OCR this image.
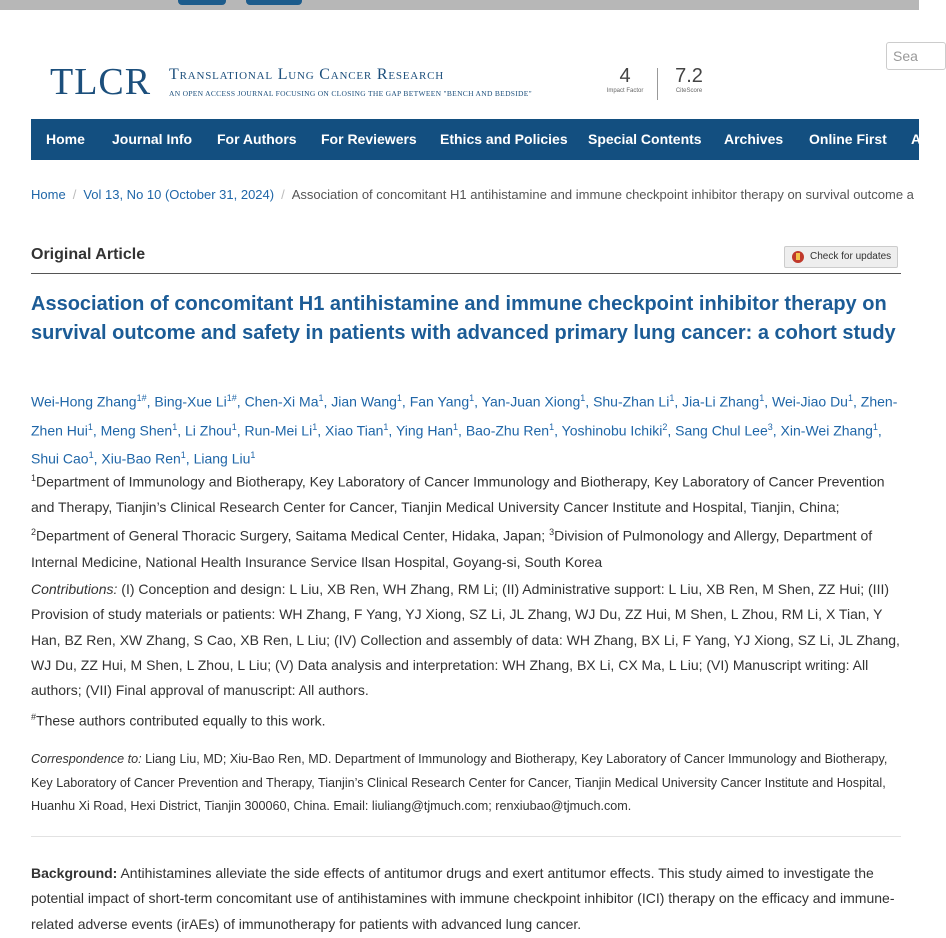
Sea
TLCR Translational Lung Cancer Research
AN OPEN ACCESS JOURNAL FOCUSING ON CLOSING THE GAP BETWEEN "BENCH AND BEDSIDE"
4
Impact Factor
7.2
CiteScore
Home Journal Info For Authors For Reviewers Ethics and Policies Special Contents Archives Online First A
Home / Vol 13, No 10 (October 31, 2024) / Association of concomitant H1 antihistamine and immune checkpoint inhibitor therapy on survival outcome a
Original Article	Check for updates
Association of concomitant H1 antihistamine and immune checkpoint inhibitor therapy on survival outcome and safety in patients with advanced primary lung cancer: a cohort study
Wei-Hong Zhang$^{1\#}$, Bing-Xue $Li^{1\#}$, Chen-Xi Ma$^1$, Jian Wang$^1$, Fan Yang$^1$, Yan-Juan Xiong$^1$, Shu-Zhan Li$^1$, Jia-Li Zhang$^1$, Wei-Jiao Du$^1$, Zhen-Zhen Hui$^1$, Meng Shen$^1$, Li Zhou$^1$, Run-Mei Li$^1$, Xiao Tian$^1$, Ying Han$^1$, Bao-Zhu Ren$^1$, Yoshinobu Ichiki$^2$, Sang Chul Lee$^3$, Xin-Wei Zhang$^1$, Shui Cao$^1$, Xiu-Bao Ren$^1$, Liang Liu$^1$
$^1$Department of Immunology and Biotherapy, Key Laboratory of Cancer Immunology and Biotherapy, Key Laboratory of Cancer Prevention and Therapy, Tianjin’s Clinical Research Center for Cancer, Tianjin Medical University Cancer Institute and Hospital, Tianjin, China; $^2$Department of General Thoracic Surgery, Saitama Medical Center, Hidaka, Japan; $^3$Division of Pulmonology and Allergy, Department of Internal Medicine, National Health Insurance Service Ilsan Hospital, Goyang-si, South Korea
Contributions: (I) Conception and design: L Liu, XB Ren, WH Zhang, RM Li; (II) Administrative support: L Liu, XB Ren, M Shen, ZZ Hui; (III) Provision of study materials or patients: WH Zhang, F Yang, YJ Xiong, SZ Li, JL Zhang, WJ Du, ZZ Hui, M Shen, L Zhou, RM Li, X Tian, Y Han, BZ Ren, XW Zhang, S Cao, XB Ren, L Liu; (IV) Collection and assembly of data: WH Zhang, BX Li, F Yang, YJ Xiong, SZ Li, JL Zhang, WJ Du, ZZ Hui, M Shen, L Zhou, L Liu; (V) Data analysis and interpretation: WH Zhang, BX Li, CX Ma, L Liu; (VI) Manuscript writing: All authors; (VII) Final approval of manuscript: All authors.
#These authors contributed equally to this work.
Correspondence to: Liang Liu, MD; Xiu-Bao Ren, MD. Department of Immunology and Biotherapy, Key Laboratory of Cancer Immunology and Biotherapy, Key Laboratory of Cancer Prevention and Therapy, Tianjin’s Clinical Research Center for Cancer, Tianjin Medical University Cancer Institute and Hospital, Huanhu Xi Road, Hexi District, Tianjin 300060, China. Email: liuliang@tjmuch.com; renxiubao@tjmuch.com.
Background: Antihistamines alleviate the side effects of antitumor drugs and exert antitumor effects. This study aimed to investigate the potential impact of short-term concomitant use of antihistamines with immune checkpoint inhibitor (ICI) therapy on the efficacy and immune-related adverse events (irAEs) of immunotherapy for patients with advanced lung cancer.
